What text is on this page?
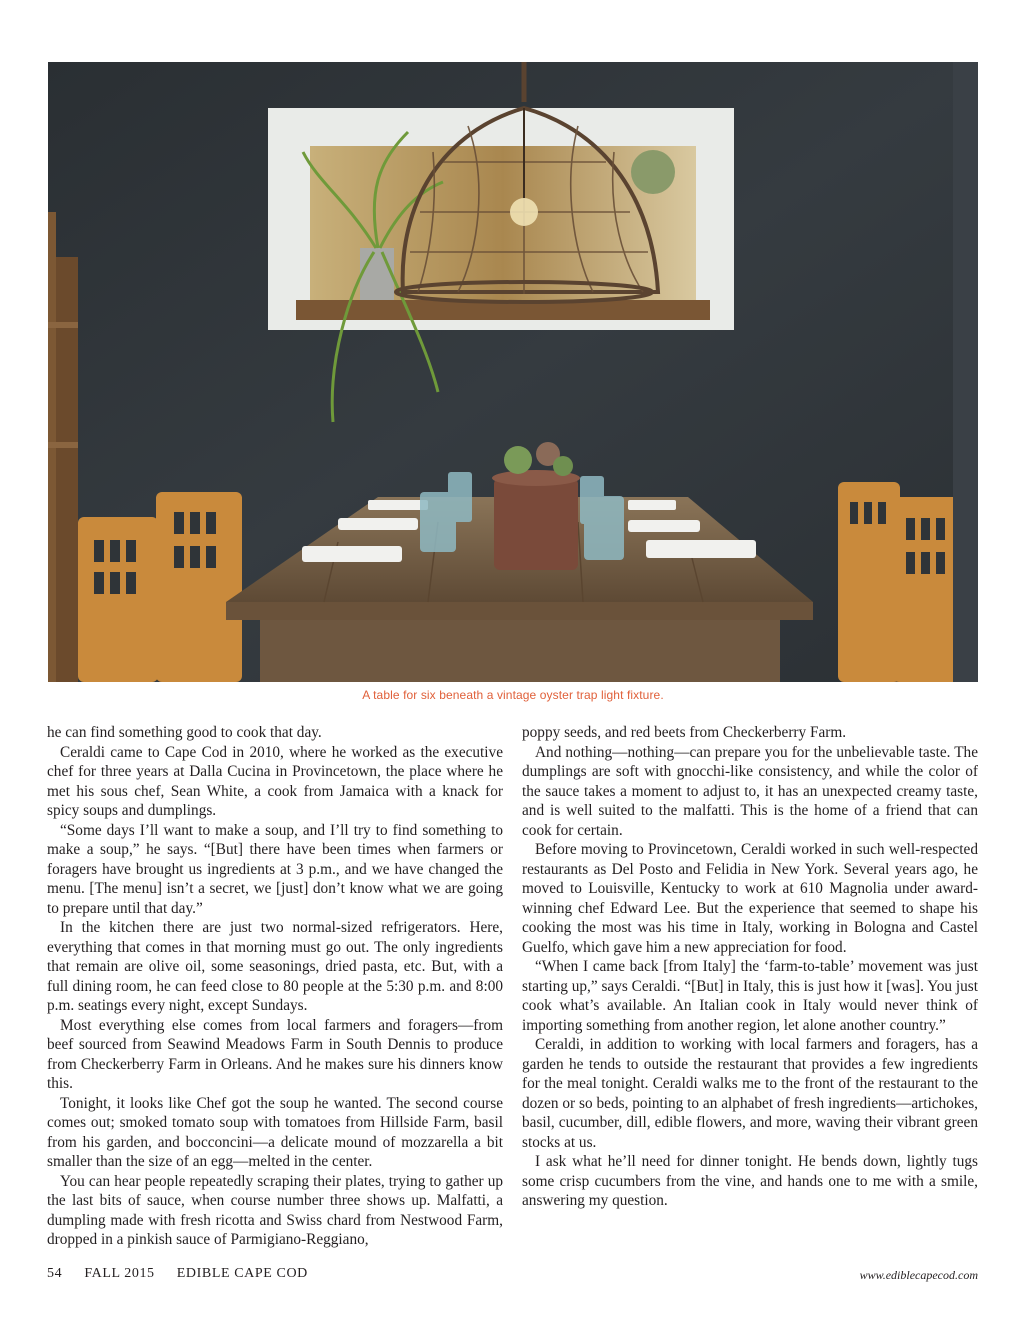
A table for six beneath a vintage oyster trap light fixture.

he can find something good to cook that day.

Ceraldi came to Cape Cod in 2010, where he worked as the executive chef for three years at Dalla Cucina in Provincetown, the place where he met his sous chef, Sean White, a cook from Jamaica with a knack for spicy soups and dumplings.

“Some days I’ll want to make a soup, and I’ll try to find something to make a soup,” he says. “[But] there have been times when farmers or foragers have brought us ingredients at 3 p.m., and we have changed the menu. [The menu] isn’t a secret, we [just] don’t know what we are going to prepare until that day.”

In the kitchen there are just two normal-sized refrigerators. Here, everything that comes in that morning must go out. The only ingredients that remain are olive oil, some seasonings, dried pasta, etc. But, with a full dining room, he can feed close to 80 people at the 5:30 p.m. and 8:00 p.m. seatings every night, except Sundays.

Most everything else comes from local farmers and foragers—from beef sourced from Seawind Meadows Farm in South Dennis to produce from Checkerberry Farm in Orleans. And he makes sure his dinners know this.

Tonight, it looks like Chef got the soup he wanted. The second course comes out; smoked tomato soup with tomatoes from Hillside Farm, basil from his garden, and bocconcini—a delicate mound of mozzarella a bit smaller than the size of an egg—melted in the center.

You can hear people repeatedly scraping their plates, trying to gather up the last bits of sauce, when course number three shows up. Malfatti, a dumpling made with fresh ricotta and Swiss chard from Nestwood Farm, dropped in a pinkish sauce of Parmigiano-Reggiano,

poppy seeds, and red beets from Checkerberry Farm.

And nothing—nothing—can prepare you for the unbelievable taste. The dumplings are soft with gnocchi-like consistency, and while the color of the sauce takes a moment to adjust to, it has an unexpected creamy taste, and is well suited to the malfatti. This is the home of a friend that can cook for certain.

Before moving to Provincetown, Ceraldi worked in such well-respected restaurants as Del Posto and Felidia in New York. Several years ago, he moved to Louisville, Kentucky to work at 610 Magnolia under award-winning chef Edward Lee. But the experience that seemed to shape his cooking the most was his time in Italy, working in Bologna and Castel Guelfo, which gave him a new appreciation for food.

“When I came back [from Italy] the ‘farm-to-table’ movement was just starting up,” says Ceraldi. “[But] in Italy, this is just how it [was]. You just cook what’s available. An Italian cook in Italy would never think of importing something from another region, let alone another country.”

Ceraldi, in addition to working with local farmers and foragers, has a garden he tends to outside the restaurant that provides a few ingredients for the meal tonight. Ceraldi walks me to the front of the restaurant to the dozen or so beds, pointing to an alphabet of fresh ingredients—artichokes, basil, cucumber, dill, edible flowers, and more, waving their vibrant green stocks at us.

I ask what he’ll need for dinner tonight. He bends down, lightly tugs some crisp cucumbers from the vine, and hands one to me with a smile, answering my question.

54 FALL 2015 EDIBLE CAPE COD	www.ediblecapecod.com
